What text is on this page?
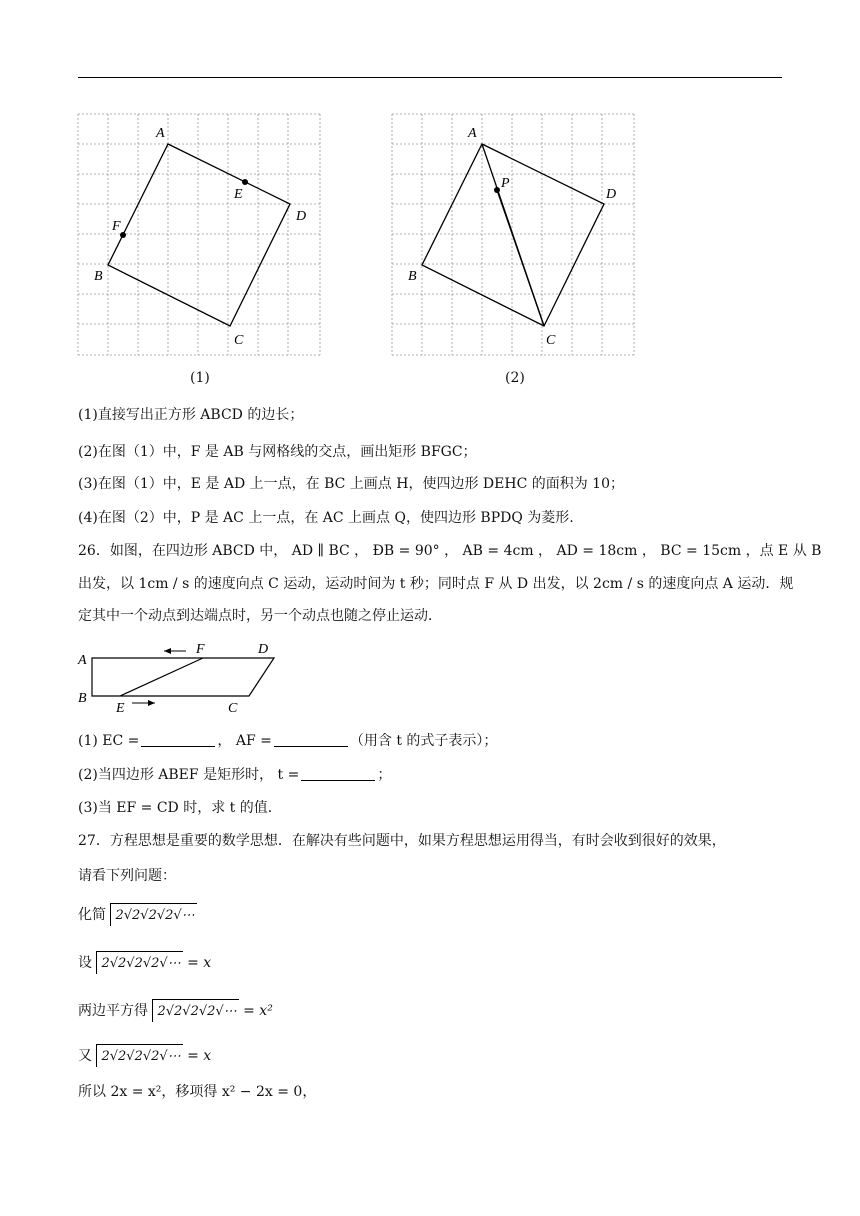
A
D
C
B
E
F
(1)
A
D
C
B
P
(2)
(1)直接写出正方形 ABCD 的边长；
(2)在图（1）中，F 是 AB 与网格线的交点，画出矩形 BFGC；
(3)在图（1）中，E 是 AD 上一点，在 BC 上画点 H，使四边形 DEHC 的面积为 10；
(4)在图（2）中，P 是 AC 上一点，在 AC 上画点 Q，使四边形 BPDQ 为菱形.
26．如图，在四边形 ABCD 中， AD ∥ BC ， ÐB = 90° ， AB = 4cm ， AD = 18cm ， BC = 15cm ，点 E 从 B
出发，以 1cm / s 的速度向点 C 运动，运动时间为 t 秒；同时点 F 从 D 出发，以 2cm / s 的速度向点 A 运动．规
定其中一个动点到达端点时，另一个动点也随之停止运动．
A
B
F	D
E	C
(1) EC =	， AF =	（用含 t 的式子表示）；
(2)当四边形 ABEF 是矩形时， t =	；
(3)当 EF = CD 时，求 t 的值．
27．方程思想是重要的数学思想．在解决有些问题中，如果方程思想运用得当，有时会收到很好的效果，
请看下列问题：
化简 2√2√2√2√⋯
设 2√2√2√2√⋯ = x
两边平方得 2√2√2√2√⋯ = x²
又 2√2√2√2√⋯ = x
所以 2x = x²，移项得 x² − 2x = 0，
